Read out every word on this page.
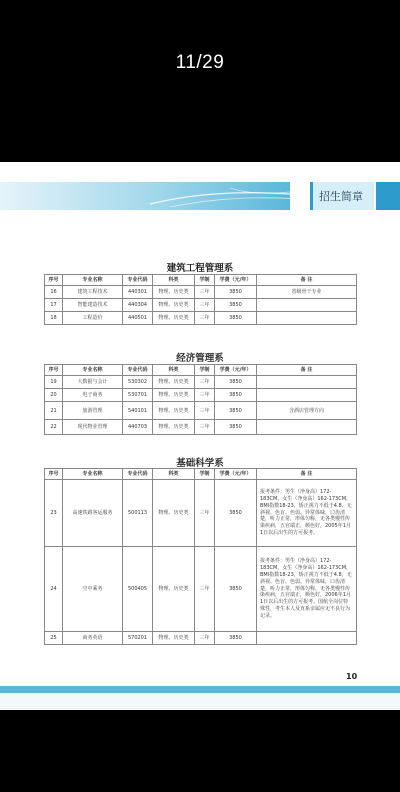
11/29
招生简章
建筑工程管理系
序号	专业名称	专业代码	科类	学制	学费（元/年）	备 注
16	建筑工程技术	440301	物理、历史类	三年	3850	省级骨干专业
17	智能建造技术	440304	物理、历史类	三年	3850	
18	工程造价	440501	物理、历史类	三年	3850	
经济管理系
序号	专业名称	专业代码	科类	学制	学费（元/年）	备 注
19	大数据与会计	530302	物理、历史类	三年	3850	
20	电子商务	530701	物理、历史类	三年	3850	
21	旅游管理	540101	物理、历史类	三年	3850	含酒店管理方向
22	现代物业管理	440703	物理、历史类	三年	3850	
基础科学系
序号	专业名称	专业代码	科类	学制	学费（元/年）	备 注
23	高速铁路客运服务	500113	物理、历史类	三年	3850	报考条件：男生（净身高）172-183CM，女生（净身高）162-173CM，BMI指数18-23，矫正视力不低于4.8，无斜视、色盲、色弱、异常体味，口齿清楚，听力正常，形体匀称，无各类慢性传染疾病，五官端正，颜色好，2005年1月1日以后出生的方可报考。
24	空中乘务	500405	物理、历史类	三年	3850	报考条件：男生（净身高）172-183CM，女生（净身高）162-173CM，BMI指数18-23，矫正视力不低于4.8，无斜视、色盲、色弱、异常体味，口齿清楚，听力正常，形体匀称，无各类慢性传染疾病，五官端正，颜色好，2006年1月1日以后出生的方可报考。国航全岗位特殊性，考生本人及直系亲属应无不良行为记录。
25	商务英语	570201	物理、历史类	三年	3850	
10
